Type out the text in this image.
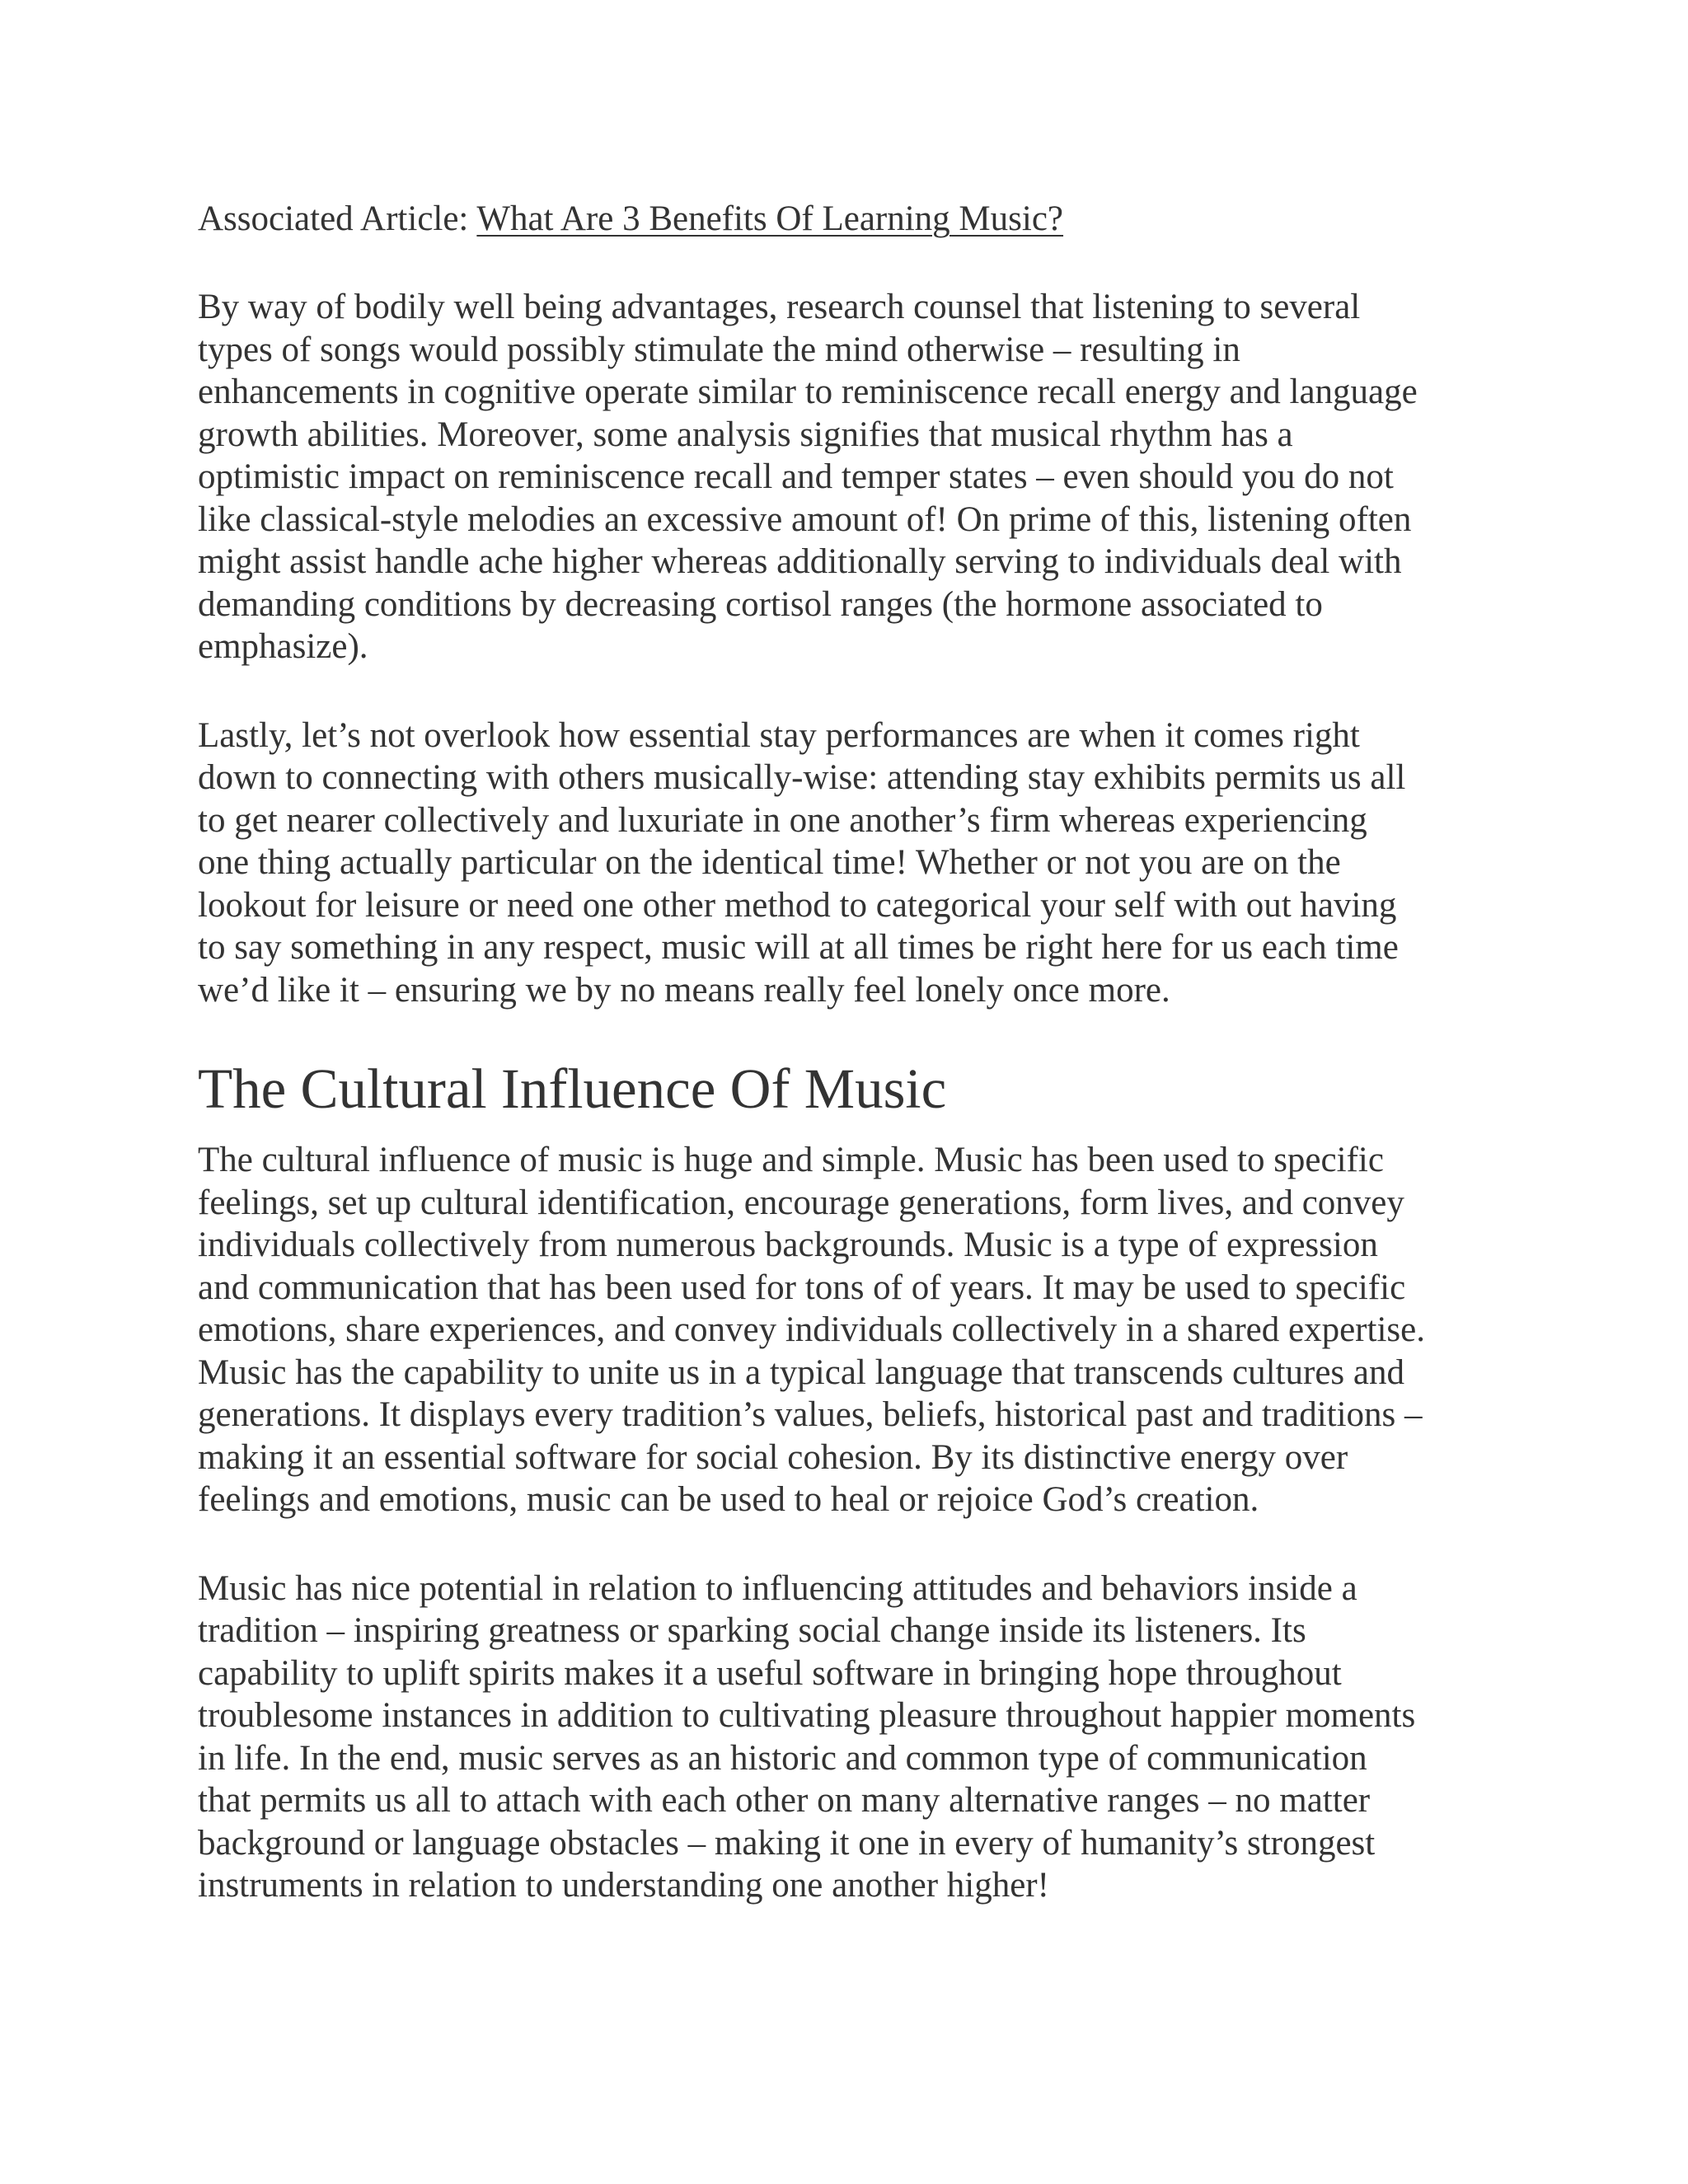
Associated Article: What Are 3 Benefits Of Learning Music?

By way of bodily well being advantages, research counsel that listening to several

types of songs would possibly stimulate the mind otherwise – resulting in

enhancements in cognitive operate similar to reminiscence recall energy and language

growth abilities. Moreover, some analysis signifies that musical rhythm has a

optimistic impact on reminiscence recall and temper states – even should you do not

like classical-style melodies an excessive amount of! On prime of this, listening often

might assist handle ache higher whereas additionally serving to individuals deal with

demanding conditions by decreasing cortisol ranges (the hormone associated to

emphasize).

Lastly, let’s not overlook how essential stay performances are when it comes right

down to connecting with others musically-wise: attending stay exhibits permits us all

to get nearer collectively and luxuriate in one another’s firm whereas experiencing

one thing actually particular on the identical time! Whether or not you are on the

lookout for leisure or need one other method to categorical your self with out having

to say something in any respect, music will at all times be right here for us each time

we’d like it – ensuring we by no means really feel lonely once more.

The Cultural Influence Of Music

The cultural influence of music is huge and simple. Music has been used to specific

feelings, set up cultural identification, encourage generations, form lives, and convey

individuals collectively from numerous backgrounds. Music is a type of expression

and communication that has been used for tons of of years. It may be used to specific

emotions, share experiences, and convey individuals collectively in a shared expertise.

Music has the capability to unite us in a typical language that transcends cultures and

generations. It displays every tradition’s values, beliefs, historical past and traditions –

making it an essential software for social cohesion. By its distinctive energy over

feelings and emotions, music can be used to heal or rejoice God’s creation.

Music has nice potential in relation to influencing attitudes and behaviors inside a

tradition – inspiring greatness or sparking social change inside its listeners. Its

capability to uplift spirits makes it a useful software in bringing hope throughout

troublesome instances in addition to cultivating pleasure throughout happier moments

in life. In the end, music serves as an historic and common type of communication

that permits us all to attach with each other on many alternative ranges – no matter

background or language obstacles – making it one in every of humanity’s strongest

instruments in relation to understanding one another higher!
